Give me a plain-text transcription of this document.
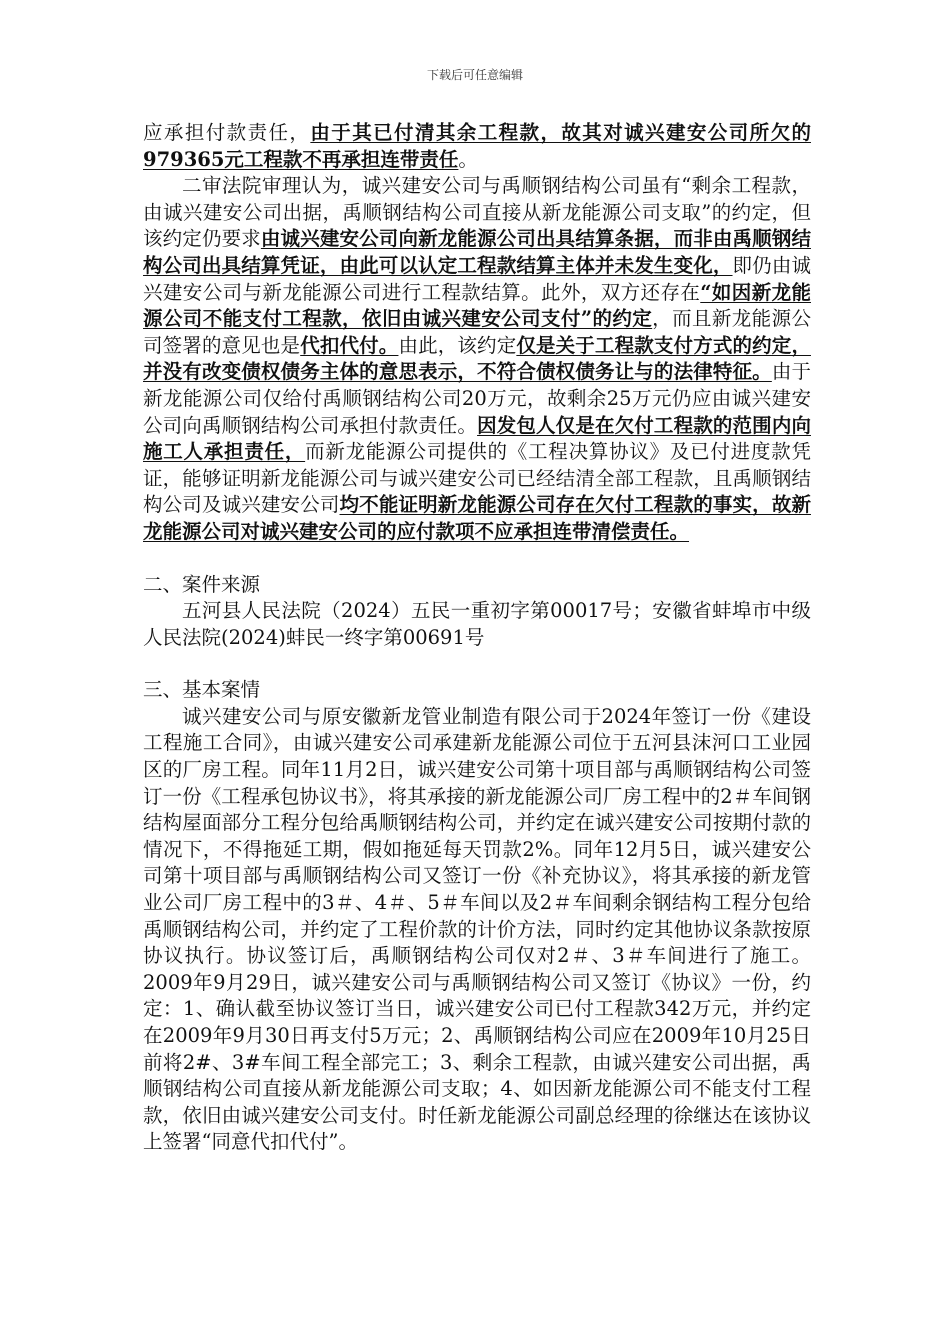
下载后可任意编辑

应承担付款责任，由于其已付清其余工程款，故其对诚兴建安公司所欠的979365元工程款不再承担连带责任。

二审法院审理认为，诚兴建安公司与禹顺钢结构公司虽有“剩余工程款，由诚兴建安公司出据，禹顺钢结构公司直接从新龙能源公司支取”的约定，但该约定仍要求由诚兴建安公司向新龙能源公司出具结算条据，而非由禹顺钢结构公司出具结算凭证，由此可以认定工程款结算主体并未发生变化，即仍由诚兴建安公司与新龙能源公司进行工程款结算。此外，双方还存在“如因新龙能源公司不能支付工程款，依旧由诚兴建安公司支付”的约定，而且新龙能源公司签署的意见也是代扣代付。由此，该约定仅是关于工程款支付方式的约定，并没有改变债权债务主体的意思表示，不符合债权债务让与的法律特征。由于新龙能源公司仅给付禹顺钢结构公司20万元，故剩余25万元仍应由诚兴建安公司向禹顺钢结构公司承担付款责任。因发包人仅是在欠付工程款的范围内向施工人承担责任，而新龙能源公司提供的《工程决算协议》及已付进度款凭证，能够证明新龙能源公司与诚兴建安公司已经结清全部工程款，且禹顺钢结构公司及诚兴建安公司均不能证明新龙能源公司存在欠付工程款的事实，故新龙能源公司对诚兴建安公司的应付款项不应承担连带清偿责任。

二、案件来源

五河县人民法院（2024）五民一重初字第00017号；安徽省蚌埠市中级人民法院(2024)蚌民一终字第00691号

三、基本案情

诚兴建安公司与原安徽新龙管业制造有限公司于2024年签订一份《建设工程施工合同》，由诚兴建安公司承建新龙能源公司位于五河县沫河口工业园区的厂房工程。同年11月2日，诚兴建安公司第十项目部与禹顺钢结构公司签订一份《工程承包协议书》，将其承接的新龙能源公司厂房工程中的2＃车间钢结构屋面部分工程分包给禹顺钢结构公司，并约定在诚兴建安公司按期付款的情况下，不得拖延工期，假如拖延每天罚款2%。同年12月5日，诚兴建安公司第十项目部与禹顺钢结构公司又签订一份《补充协议》，将其承接的新龙管业公司厂房工程中的3＃、4＃、5＃车间以及2＃车间剩余钢结构工程分包给禹顺钢结构公司，并约定了工程价款的计价方法，同时约定其他协议条款按原协议执行。协议签订后，禹顺钢结构公司仅对2＃、3＃车间进行了施工。2009年9月29日，诚兴建安公司与禹顺钢结构公司又签订《协议》一份，约定：1、确认截至协议签订当日，诚兴建安公司已付工程款342万元，并约定在2009年9月30日再支付5万元；2、禹顺钢结构公司应在2009年10月25日前将2#、3#车间工程全部完工；3、剩余工程款，由诚兴建安公司出据，禹顺钢结构公司直接从新龙能源公司支取；4、如因新龙能源公司不能支付工程款，依旧由诚兴建安公司支付。时任新龙能源公司副总经理的徐继达在该协议上签署“同意代扣代付”。
